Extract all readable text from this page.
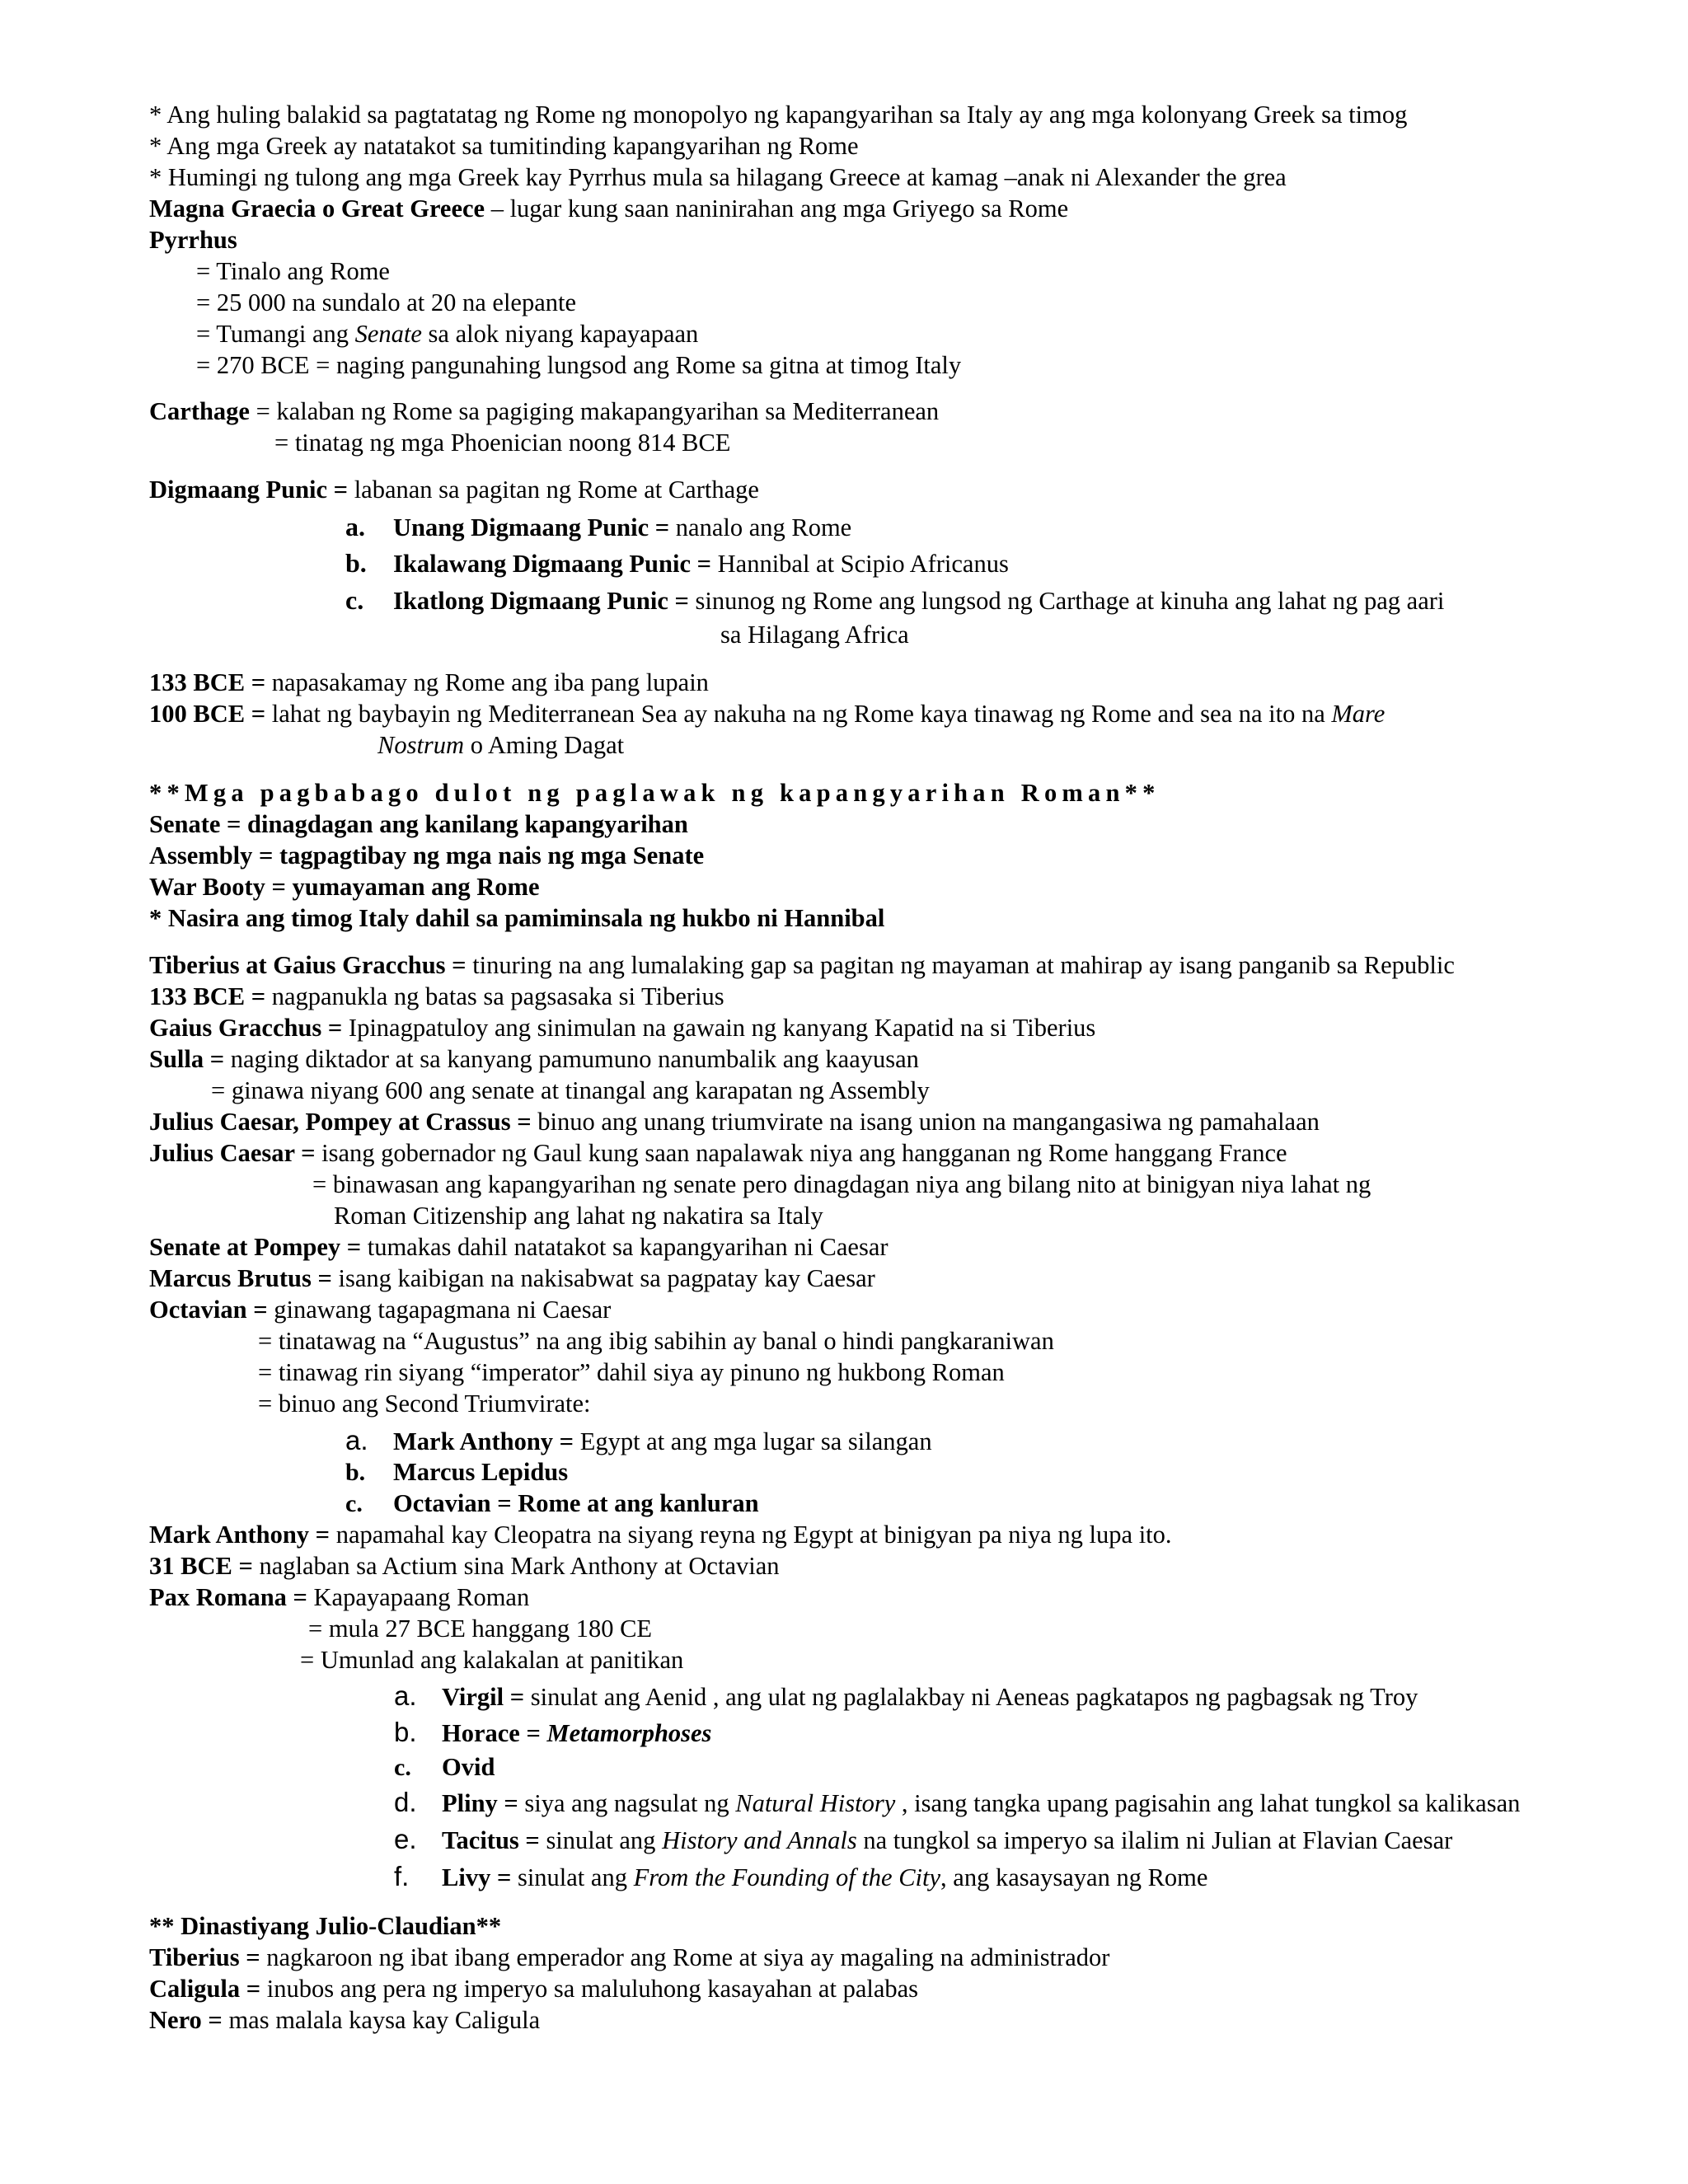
* Ang huling balakid sa pagtatatag ng Rome ng monopolyo ng kapangyarihan sa Italy ay ang mga kolonyang Greek sa timog
* Ang mga Greek ay natatakot sa tumitinding kapangyarihan ng Rome
* Humingi ng tulong ang mga Greek kay Pyrrhus mula sa hilagang Greece at kamag –anak ni Alexander the grea
Magna Graecia o Great Greece – lugar kung saan naninirahan ang mga Griyego sa Rome
Pyrrhus
= Tinalo ang Rome
= 25 000 na sundalo at 20 na elepante
= Tumangi ang Senate sa alok niyang kapayapaan
= 270 BCE = naging pangunahing lungsod ang Rome sa gitna at timog Italy
Carthage = kalaban ng Rome sa pagiging makapangyarihan sa Mediterranean
= tinatag ng mga Phoenician noong 814 BCE
Digmaang Punic = labanan sa pagitan ng Rome at Carthage
a. Unang Digmaang Punic = nanalo ang Rome
b. Ikalawang Digmaang Punic = Hannibal at Scipio Africanus
c. Ikatlong Digmaang Punic = sinunog ng Rome ang lungsod ng Carthage at kinuha ang lahat ng pag aari
sa Hilagang Africa
133 BCE = napasakamay ng Rome ang iba pang lupain
100 BCE = lahat ng baybayin ng Mediterranean Sea ay nakuha na ng Rome kaya tinawag ng Rome and sea na ito na Mare
Nostrum o Aming Dagat
**Mga pagbabago dulot ng paglawak ng kapangyarihan Roman**
Senate = dinagdagan ang kanilang kapangyarihan
Assembly = tagpagtibay ng mga nais ng mga Senate
War Booty = yumayaman ang Rome
* Nasira ang timog Italy dahil sa pamiminsala ng hukbo ni Hannibal
Tiberius at Gaius Gracchus = tinuring na ang lumalaking gap sa pagitan ng mayaman at mahirap ay isang panganib sa Republic
133 BCE = nagpanukla ng batas sa pagsasaka si Tiberius
Gaius Gracchus = Ipinagpatuloy ang sinimulan na gawain ng kanyang Kapatid na si Tiberius
Sulla = naging diktador at sa kanyang pamumuno nanumbalik ang kaayusan
= ginawa niyang 600 ang senate at tinangal ang karapatan ng Assembly
Julius Caesar, Pompey at Crassus = binuo ang unang triumvirate na isang union na mangangasiwa ng pamahalaan
Julius Caesar = isang gobernador ng Gaul kung saan napalawak niya ang hangganan ng Rome hanggang France
= binawasan ang kapangyarihan ng senate pero dinagdagan niya ang bilang nito at binigyan niya lahat ng
Roman Citizenship ang lahat ng nakatira sa Italy
Senate at Pompey = tumakas dahil natatakot sa kapangyarihan ni Caesar
Marcus Brutus = isang kaibigan na nakisabwat sa pagpatay kay Caesar
Octavian = ginawang tagapagmana ni Caesar
= tinatawag na “Augustus” na ang ibig sabihin ay banal o hindi pangkaraniwan
= tinawag rin siyang “imperator” dahil siya ay pinuno ng hukbong Roman
= binuo ang Second Triumvirate:
a. Mark Anthony = Egypt at ang mga lugar sa silangan
b. Marcus Lepidus
c. Octavian = Rome at ang kanluran
Mark Anthony = napamahal kay Cleopatra na siyang reyna ng Egypt at binigyan pa niya ng lupa ito.
31 BCE = naglaban sa Actium sina Mark Anthony at Octavian
Pax Romana = Kapayapaang Roman
= mula 27 BCE hanggang 180 CE
= Umunlad ang kalakalan at panitikan
a. Virgil = sinulat ang Aenid , ang ulat ng paglalakbay ni Aeneas pagkatapos ng pagbagsak ng Troy
b. Horace = Metamorphoses
c. Ovid
d. Pliny = siya ang nagsulat ng Natural History , isang tangka upang pagisahin ang lahat tungkol sa kalikasan
e. Tacitus = sinulat ang History and Annals na tungkol sa imperyo sa ilalim ni Julian at Flavian Caesar
f. Livy = sinulat ang From the Founding of the City, ang kasaysayan ng Rome
** Dinastiyang Julio-Claudian**
Tiberius = nagkaroon ng ibat ibang emperador ang Rome at siya ay magaling na administrador
Caligula = inubos ang pera ng imperyo sa maluluhong kasayahan at palabas
Nero = mas malala kaysa kay Caligula
